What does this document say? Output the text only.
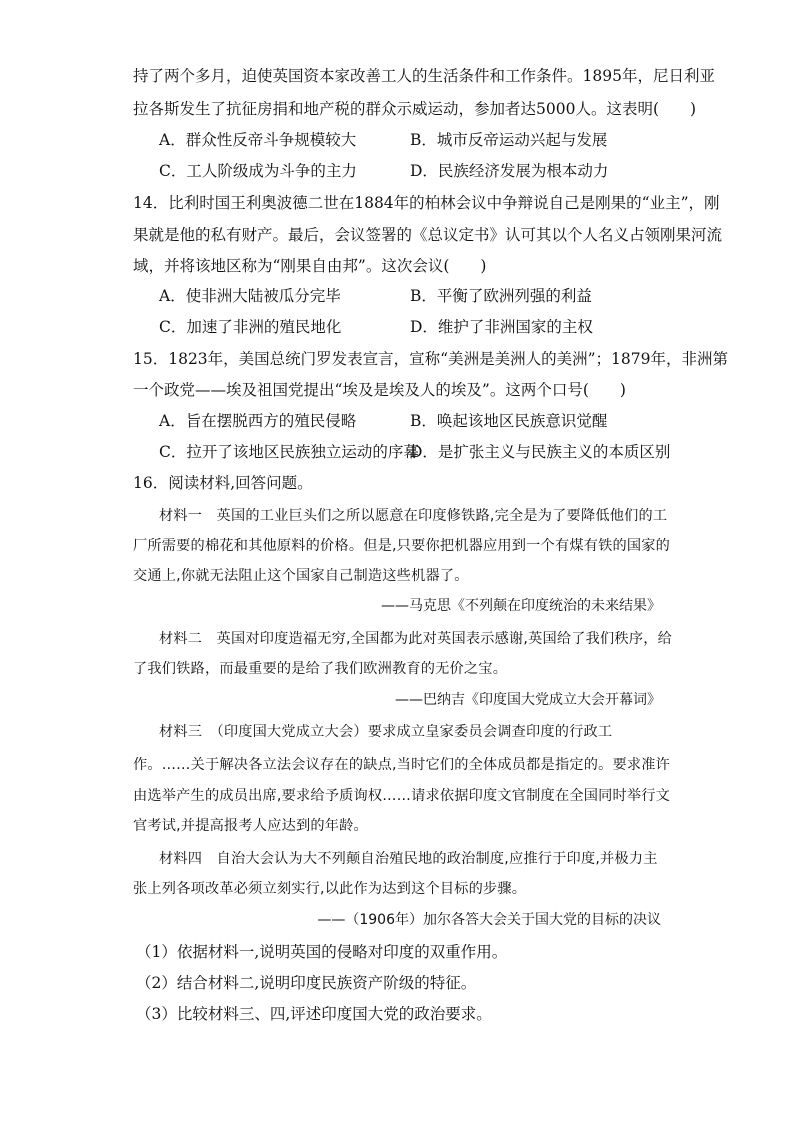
持了两个多月，迫使英国资本家改善工人的生活条件和工作条件。1895年，尼日利亚
拉各斯发生了抗征房捐和地产税的群众示威运动，参加者达5000人。这表明(　　)
A．群众性反帝斗争规模较大	B．城市反帝运动兴起与发展
C．工人阶级成为斗争的主力	D．民族经济发展为根本动力
14．比利时国王利奥波德二世在1884年的柏林会议中争辩说自己是刚果的“业主”，刚
果就是他的私有财产。最后，会议签署的《总议定书》认可其以个人名义占领刚果河流
域，并将该地区称为“刚果自由邦”。这次会议(　　)
A．使非洲大陆被瓜分完毕	B．平衡了欧洲列强的利益
C．加速了非洲的殖民地化	D．维护了非洲国家的主权
15．1823年，美国总统门罗发表宣言，宣称“美洲是美洲人的美洲”；1879年，非洲第
一个政党——埃及祖国党提出“埃及是埃及人的埃及”。这两个口号(　　)
A．旨在摆脱西方的殖民侵略	B．唤起该地区民族意识觉醒
C．拉开了该地区民族独立运动的序幕
D．是扩张主义与民族主义的本质区别
16．阅读材料,回答问题。
材料一　英国的工业巨头们之所以愿意在印度修铁路,完全是为了要降低他们的工
厂所需要的棉花和其他原料的价格。但是,只要你把机器应用到一个有煤有铁的国家的
交通上,你就无法阻止这个国家自己制造这些机器了。
——马克思《不列颠在印度统治的未来结果》
材料二　英国对印度造福无穷,全国都为此对英国表示感谢,英国给了我们秩序，给
了我们铁路，而最重要的是给了我们欧洲教育的无价之宝。
——巴纳吉《印度国大党成立大会开幕词》
材料三　（印度国大党成立大会）要求成立皇家委员会调查印度的行政工
作。……关于解决各立法会议存在的缺点,当时它们的全体成员都是指定的。要求准许
由选举产生的成员出席,要求给予质询权……请求依据印度文官制度在全国同时举行文
官考试,并提高报考人应达到的年龄。
材料四　自治大会认为大不列颠自治殖民地的政治制度,应推行于印度,并极力主
张上列各项改革必须立刻实行,以此作为达到这个目标的步骤。
——（1906年）加尔各答大会关于国大党的目标的决议
（1）依据材料一,说明英国的侵略对印度的双重作用。
（2）结合材料二,说明印度民族资产阶级的特征。
（3）比较材料三、四,评述印度国大党的政治要求。
